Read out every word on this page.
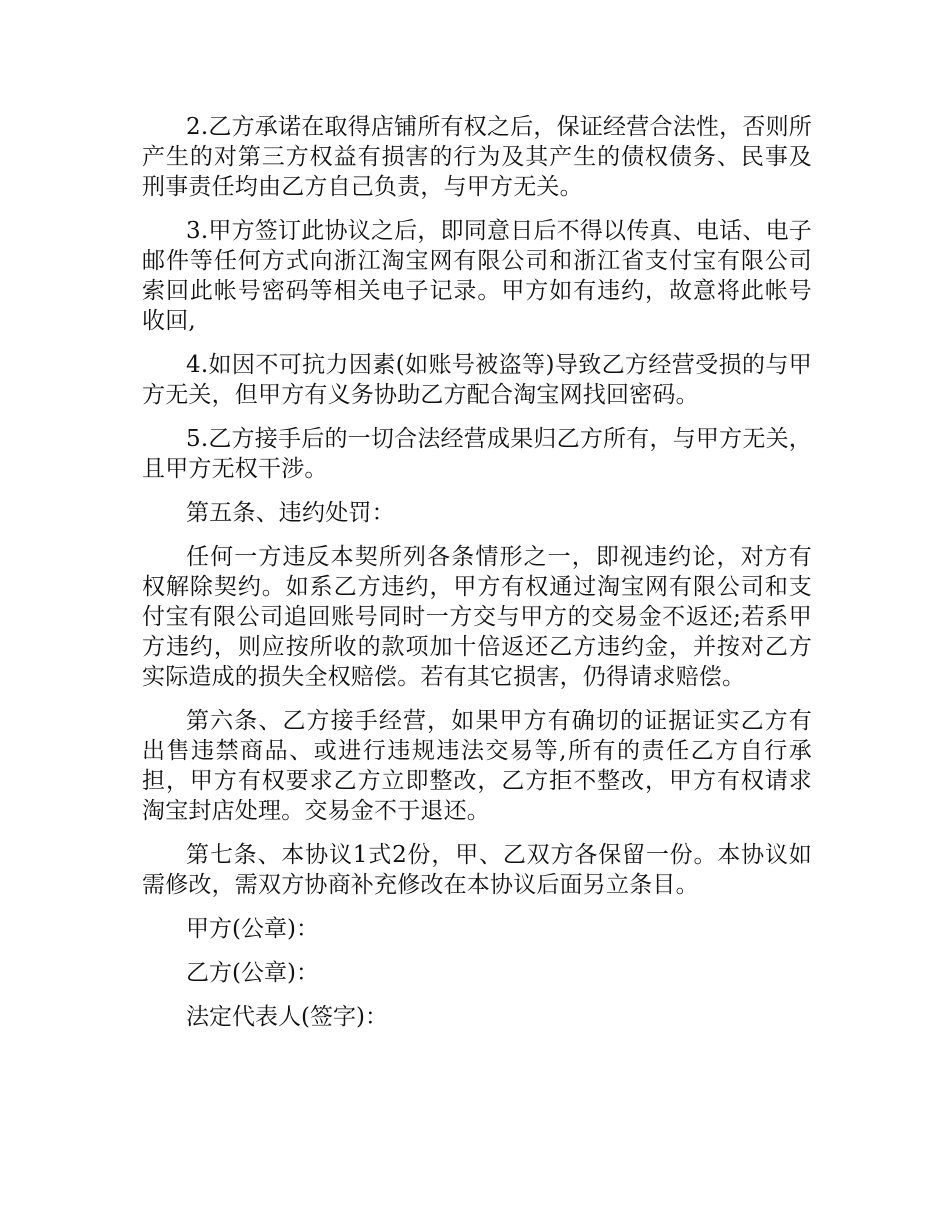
2.乙方承诺在取得店铺所有权之后，保证经营合法性，否则所产生的对第三方权益有损害的行为及其产生的债权债务、民事及刑事责任均由乙方自己负责，与甲方无关。

3.甲方签订此协议之后，即同意日后不得以传真、电话、电子邮件等任何方式向浙江淘宝网有限公司和浙江省支付宝有限公司索回此帐号密码等相关电子记录。甲方如有违约，故意将此帐号收回,

4.如因不可抗力因素(如账号被盗等)导致乙方经营受损的与甲方无关，但甲方有义务协助乙方配合淘宝网找回密码。

5.乙方接手后的一切合法经营成果归乙方所有，与甲方无关，且甲方无权干涉。

第五条、违约处罚：

任何一方违反本契所列各条情形之一，即视违约论，对方有权解除契约。如系乙方违约，甲方有权通过淘宝网有限公司和支付宝有限公司追回账号同时一方交与甲方的交易金不返还;若系甲方违约，则应按所收的款项加十倍返还乙方违约金，并按对乙方实际造成的损失全权赔偿。若有其它损害，仍得请求赔偿。

第六条、乙方接手经营，如果甲方有确切的证据证实乙方有出售违禁商品、或进行违规违法交易等,所有的责任乙方自行承担，甲方有权要求乙方立即整改，乙方拒不整改，甲方有权请求淘宝封店处理。交易金不于退还。

第七条、本协议1式2份，甲、乙双方各保留一份。本协议如需修改，需双方协商补充修改在本协议后面另立条目。

甲方(公章)：

乙方(公章)：

法定代表人(签字)：
